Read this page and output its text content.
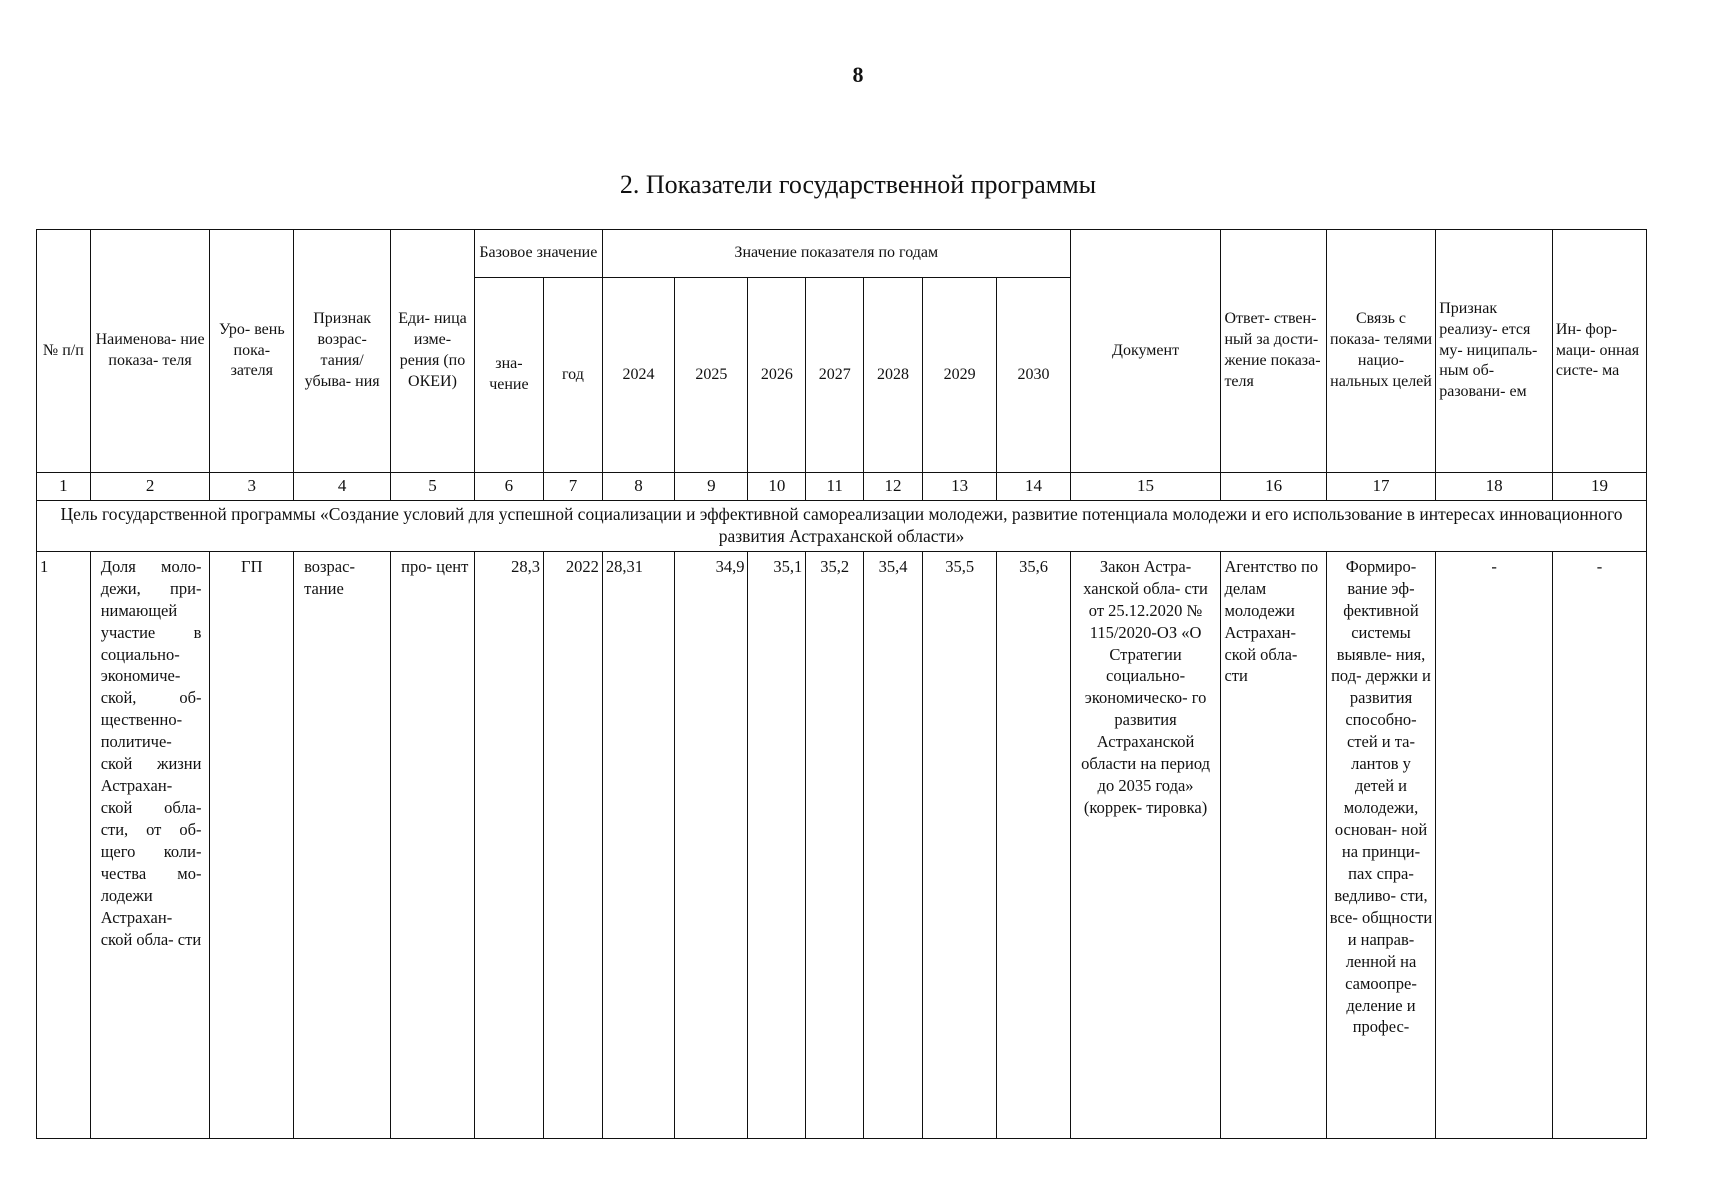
8
2. Показатели государственной программы
№ п/п	Наименова- ние показа- теля	Уро- вень пока- зателя	Признак возрас- тания/ убыва- ния	Еди- ница изме- рения (по ОКЕИ)	Базовое значение		Значение показателя по годам							Документ	Ответ- ствен- ный за дости- жение показа- теля	Связь с показа- телями нацио- нальных целей	Признак реализу- ется му- ниципаль- ным об- разовани- ем	Ин- фор- маци- онная систе- ма
					зна- чение	год	2024	2025	2026	2027	2028	2029	2030					
1	2	3	4	5	6	7	8	9	10	11	12	13	14	15	16	17	18	19
Цель государственной программы «Создание условий для успешной социализации и эффективной самореализации молодежи, развитие потенциала молодежи и его использование в интересах инновационного развития Астраханской области»																		
1	Доля моло- дежи, при- нимающей участие в социально- экономиче- ской, об- щественно- политиче- ской жизни Астрахан- ской обла- сти, от об- щего коли- чества мо- лодежи Астрахан- ской обла- сти	ГП	возрас- тание	про- цент	28,3	2022	28,31	34,9	35,1	35,2	35,4	35,5	35,6	Закон Астра- ханской обла- сти от 25.12.2020 № 115/2020-ОЗ «О Стратегии социально- экономическо- го развития Астраханской области на период до 2035 года» (коррек- тировка)	Агентство по делам молодежи Астрахан- ской обла- сти	Формиро- вание эф- фективной системы выявле- ния, под- держки и развития способно- стей и та- лантов у детей и молодежи, основан- ной на принци- пах спра- ведливо- сти, все- общности и направ- ленной на самоопре- деление и профес-	-	-
